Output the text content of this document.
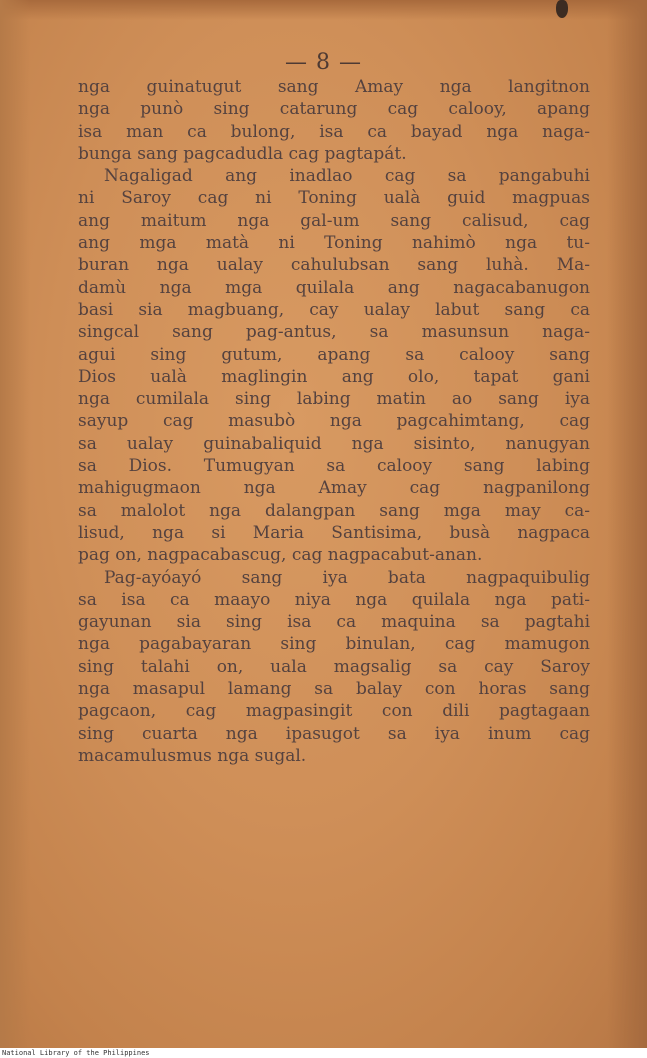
— 8 —
nga guinatugut sang Amay nga langitnon
nga punò sing catarung cag calooy, apang
isa man ca bulong, isa ca bayad nga naga-
bunga sang pagcadudla cag pagtapát.
Nagaligad ang inadlao cag sa pangabuhi
ni Saroy cag ni Toning ualà guid magpuas
ang maitum nga gal-um sang calisud, cag
ang mga matà ni Toning nahimò nga tu-
buran nga ualay cahulubsan sang luhà. Ma-
damù nga mga quilala ang nagacabanugon
basi sia magbuang, cay ualay labut sang ca
singcal sang pag-antus, sa masunsun naga-
agui sing gutum, apang sa calooy sang
Dios ualà maglingin ang olo, tapat gani
nga cumilala sing labing matin ao sang iya
sayup cag masubò nga pagcahimtang, cag
sa ualay guinabaliquid nga sisinto, nanugyan
sa Dios. Tumugyan sa calooy sang labing
mahigugmaon nga Amay cag nagpanilong
sa malolot nga dalangpan sang mga may ca-
lisud, nga si Maria Santisima, busà nagpaca
pag on, nagpacabascug, cag nagpacabut-anan.
Pag-ayóayó sang iya bata nagpaquibulig
sa isa ca maayo niya nga quilala nga pati-
gayunan sia sing isa ca maquina sa pagtahi
nga pagabayaran sing binulan, cag mamugon
sing talahi on, uala magsalig sa cay Saroy
nga masapul lamang sa balay con horas sang
pagcaon, cag magpasingit con dili pagtagaan
sing cuarta nga ipasugot sa iya inum cag
macamulusmus nga sugal.
National Library of the Philippines
